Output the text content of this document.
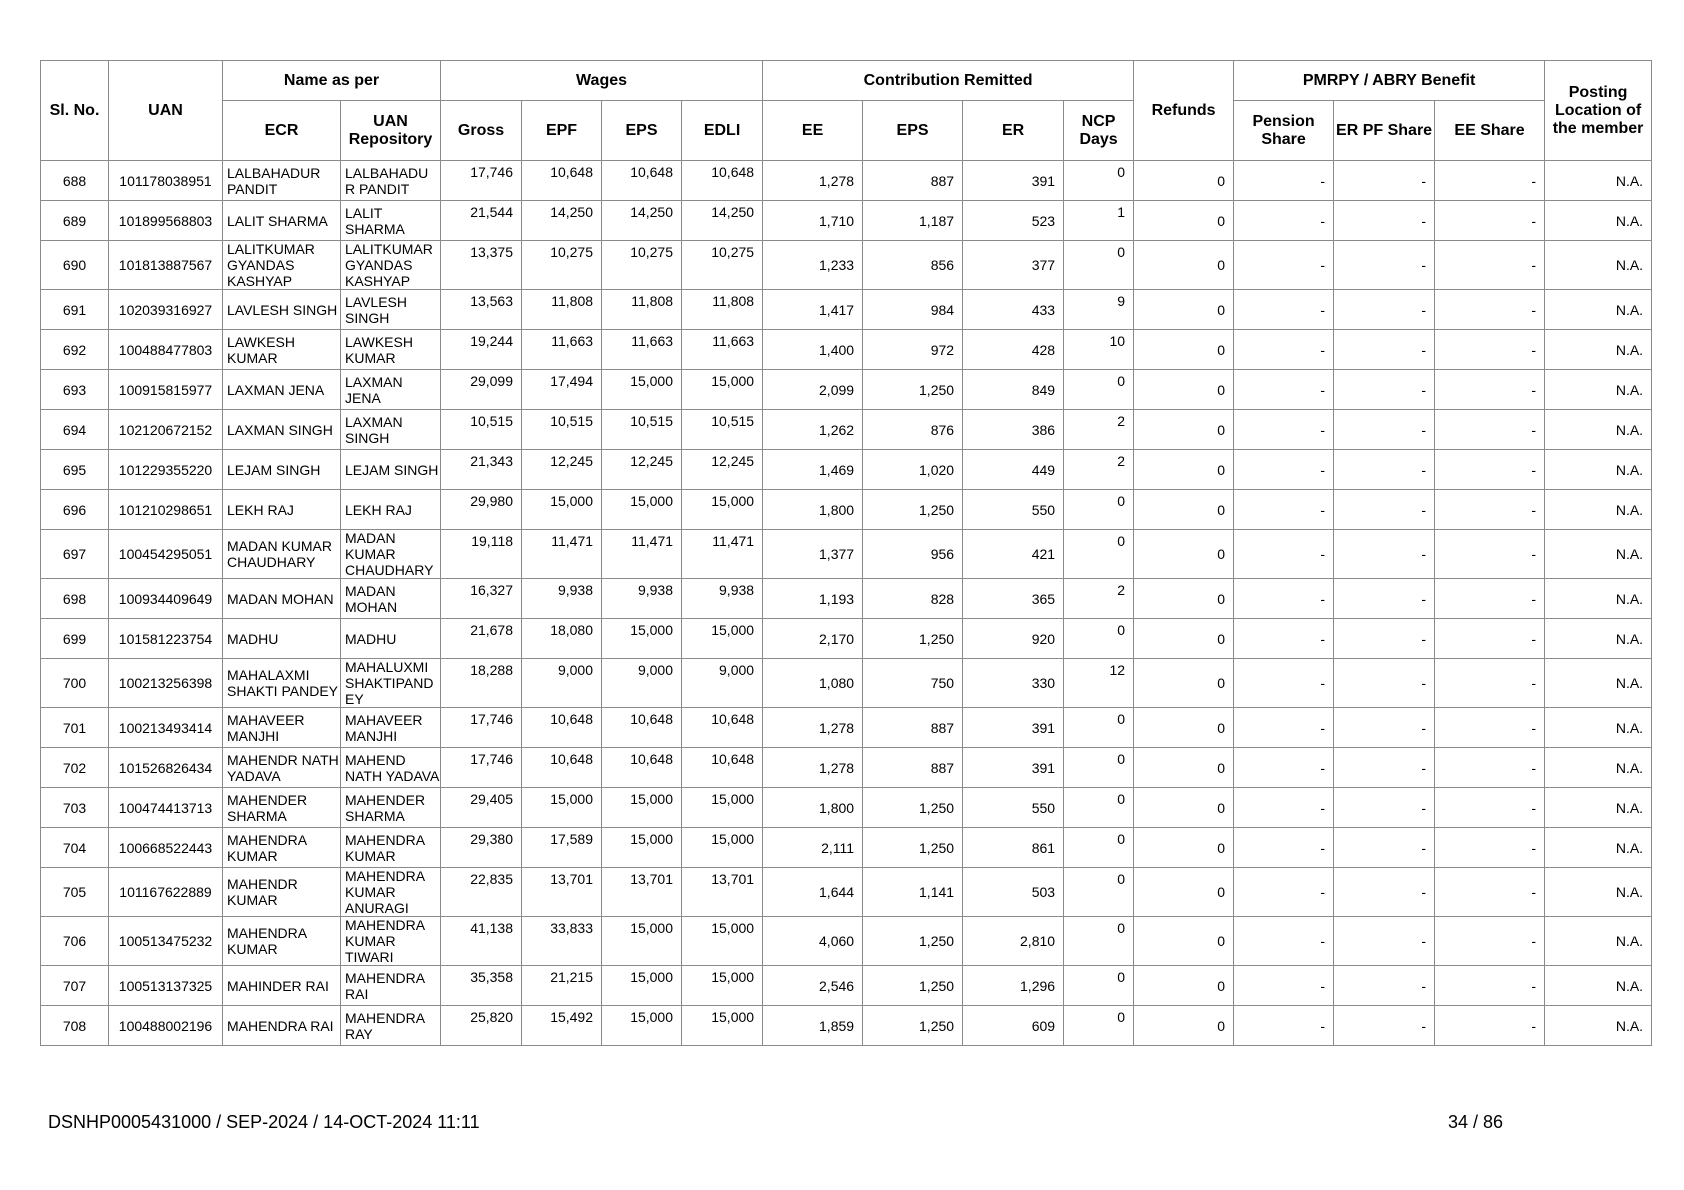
Sl. No.	UAN	Name as per		Wages				Contribution Remitted				Refunds	PMRPY / ABRY Benefit			Posting Location of the member
		ECR	UAN Repository	Gross	EPF	EPS	EDLI	EE	EPS	ER	NCP Days		Pension Share	ER PF Share	EE Share	
688	101178038951	LALBAHADUR PANDIT	LALBAHADU R PANDIT	17,746	10,648	10,648	10,648	1,278	887	391	0	0	-	-	-	N.A.
689	101899568803	LALIT SHARMA	LALIT SHARMA	21,544	14,250	14,250	14,250	1,710	1,187	523	1	0	-	-	-	N.A.
690	101813887567	LALITKUMAR GYANDAS KASHYAP	LALITKUMAR GYANDAS KASHYAP	13,375	10,275	10,275	10,275	1,233	856	377	0	0	-	-	-	N.A.
691	102039316927	LAVLESH SINGH	LAVLESH SINGH	13,563	11,808	11,808	11,808	1,417	984	433	9	0	-	-	-	N.A.
692	100488477803	LAWKESH KUMAR	LAWKESH KUMAR	19,244	11,663	11,663	11,663	1,400	972	428	10	0	-	-	-	N.A.
693	100915815977	LAXMAN JENA	LAXMAN JENA	29,099	17,494	15,000	15,000	2,099	1,250	849	0	0	-	-	-	N.A.
694	102120672152	LAXMAN SINGH	LAXMAN SINGH	10,515	10,515	10,515	10,515	1,262	876	386	2	0	-	-	-	N.A.
695	101229355220	LEJAM SINGH	LEJAM SINGH	21,343	12,245	12,245	12,245	1,469	1,020	449	2	0	-	-	-	N.A.
696	101210298651	LEKH RAJ	LEKH RAJ	29,980	15,000	15,000	15,000	1,800	1,250	550	0	0	-	-	-	N.A.
697	100454295051	MADAN KUMAR CHAUDHARY	MADAN KUMAR CHAUDHARY	19,118	11,471	11,471	11,471	1,377	956	421	0	0	-	-	-	N.A.
698	100934409649	MADAN MOHAN	MADAN MOHAN	16,327	9,938	9,938	9,938	1,193	828	365	2	0	-	-	-	N.A.
699	101581223754	MADHU	MADHU	21,678	18,080	15,000	15,000	2,170	1,250	920	0	0	-	-	-	N.A.
700	100213256398	MAHALAXMI SHAKTI PANDEY	MAHALUXMI SHAKTIPAND EY	18,288	9,000	9,000	9,000	1,080	750	330	12	0	-	-	-	N.A.
701	100213493414	MAHAVEER MANJHI	MAHAVEER MANJHI	17,746	10,648	10,648	10,648	1,278	887	391	0	0	-	-	-	N.A.
702	101526826434	MAHENDR NATH YADAVA	MAHEND NATH YADAVA	17,746	10,648	10,648	10,648	1,278	887	391	0	0	-	-	-	N.A.
703	100474413713	MAHENDER SHARMA	MAHENDER SHARMA	29,405	15,000	15,000	15,000	1,800	1,250	550	0	0	-	-	-	N.A.
704	100668522443	MAHENDRA KUMAR	MAHENDRA KUMAR	29,380	17,589	15,000	15,000	2,111	1,250	861	0	0	-	-	-	N.A.
705	101167622889	MAHENDR KUMAR	MAHENDRA KUMAR ANURAGI	22,835	13,701	13,701	13,701	1,644	1,141	503	0	0	-	-	-	N.A.
706	100513475232	MAHENDRA KUMAR	MAHENDRA KUMAR TIWARI	41,138	33,833	15,000	15,000	4,060	1,250	2,810	0	0	-	-	-	N.A.
707	100513137325	MAHINDER RAI	MAHENDRA RAI	35,358	21,215	15,000	15,000	2,546	1,250	1,296	0	0	-	-	-	N.A.
708	100488002196	MAHENDRA RAI	MAHENDRA RAY	25,820	15,492	15,000	15,000	1,859	1,250	609	0	0	-	-	-	N.A.
DSNHP0005431000 / SEP-2024 / 14-OCT-2024 11:11	34 / 86
